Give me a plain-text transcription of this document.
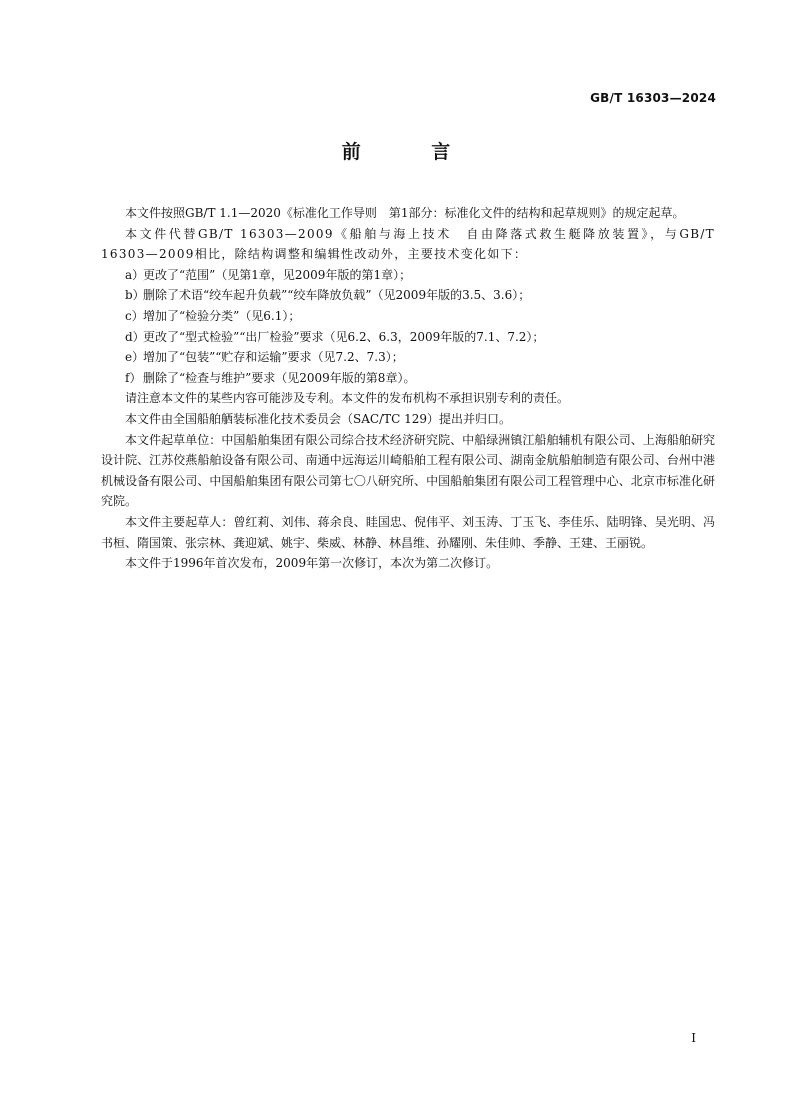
GB/T 16303—2024
前 言

本文件按照GB/T 1.1—2020《标准化工作导则　第1部分：标准化文件的结构和起草规则》的规定起草。

本文件代替GB/T 16303—2009《船舶与海上技术　自由降落式救生艇降放装置》，与GB/T 16303—2009相比，除结构调整和编辑性改动外，主要技术变化如下：

a）更改了“范围”（见第1章，见2009年版的第1章）；

b）删除了术语“绞车起升负载”“绞车降放负载”（见2009年版的3.5、3.6）；

c）增加了“检验分类”（见6.1）；

d）更改了“型式检验”“出厂检验”要求（见6.2、6.3，2009年版的7.1、7.2）；

e）增加了“包装”“贮存和运输”要求（见7.2、7.3）；

f） 删除了“检查与维护”要求（见2009年版的第8章）。

请注意本文件的某些内容可能涉及专利。本文件的发布机构不承担识别专利的责任。

本文件由全国船舶舾装标准化技术委员会（SAC/TC 129）提出并归口。

本文件起草单位：中国船舶集团有限公司综合技术经济研究院、中船绿洲镇江船舶辅机有限公司、上海船舶研究设计院、江苏佼燕船舶设备有限公司、南通中远海运川崎船舶工程有限公司、湖南金航船舶制造有限公司、台州中港机械设备有限公司、中国船舶集团有限公司第七〇八研究所、中国船舶集团有限公司工程管理中心、北京市标准化研究院。

本文件主要起草人：曾红莉、刘伟、蒋余良、眭国忠、倪伟平、刘玉涛、丁玉飞、李佳乐、陆明锋、吴光明、冯书桓、隋国策、张宗林、龚迎斌、姚宇、柴威、林静、林昌维、孙耀刚、朱佳帅、季静、王建、王丽锐。

本文件于1996年首次发布，2009年第一次修订，本次为第二次修订。

I
